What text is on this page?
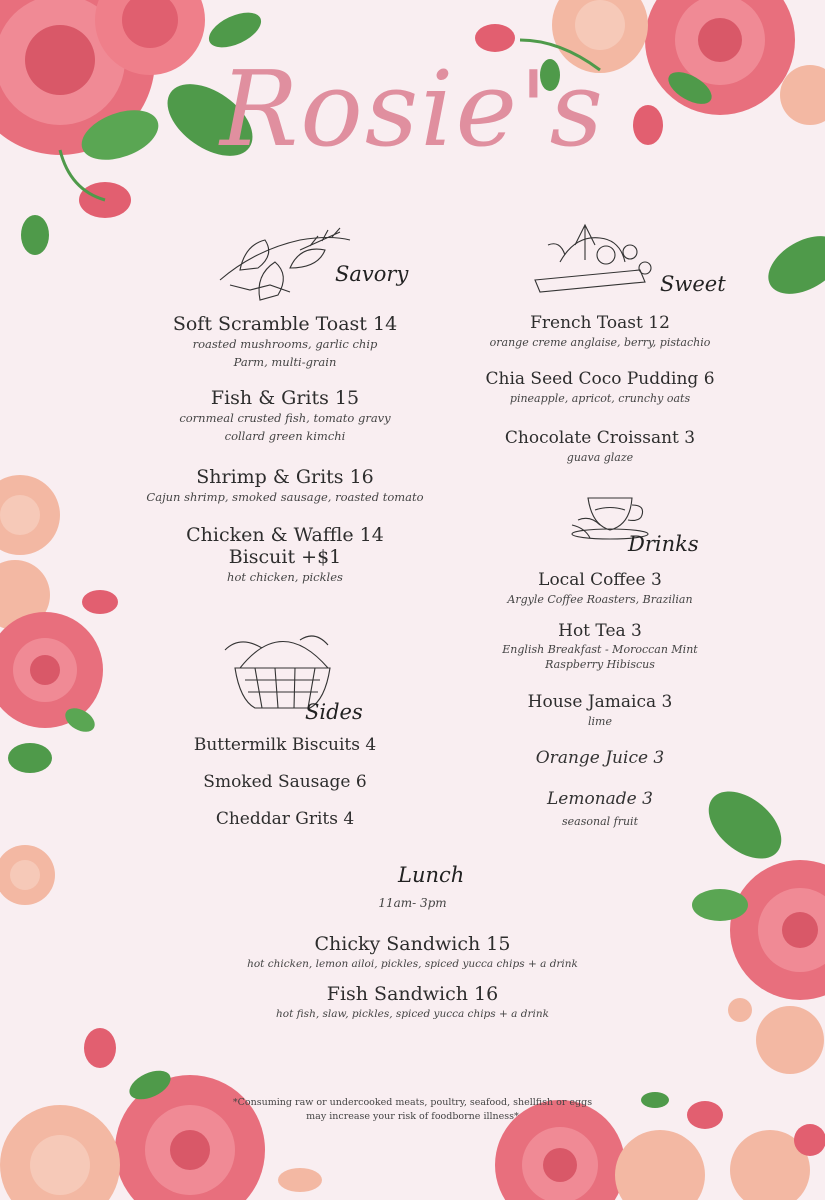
Rosie's
Savory	Sweet
Sides
Drinks
Lunch
Soft Scramble Toast 14
roasted mushrooms, garlic chip
Parm, multi-grain
Fish & Grits 15
cornmeal crusted fish, tomato gravy
collard green kimchi
Shrimp & Grits 16
Cajun shrimp, smoked sausage, roasted tomato
Chicken & Waffle 14
Biscuit +$1
hot chicken, pickles
Buttermilk Biscuits 4
Smoked Sausage 6
Cheddar Grits 4
French Toast 12
orange creme anglaise, berry, pistachio
Chia Seed Coco Pudding 6
pineapple, apricot, crunchy oats
Chocolate Croissant 3
guava glaze
Local Coffee 3
Argyle Coffee Roasters, Brazilian
Hot Tea 3
English Breakfast - Moroccan Mint
Raspberry Hibiscus
House Jamaica 3
lime
Orange Juice 3
Lemonade 3
seasonal fruit
11am- 3pm
Chicky Sandwich 15
hot chicken, lemon ailoi, pickles, spiced yucca chips + a drink
Fish Sandwich 16
hot fish, slaw, pickles, spiced yucca chips + a drink
*Consuming raw or undercooked meats, poultry, seafood, shellfish or eggs
may increase your risk of foodborne illness*
